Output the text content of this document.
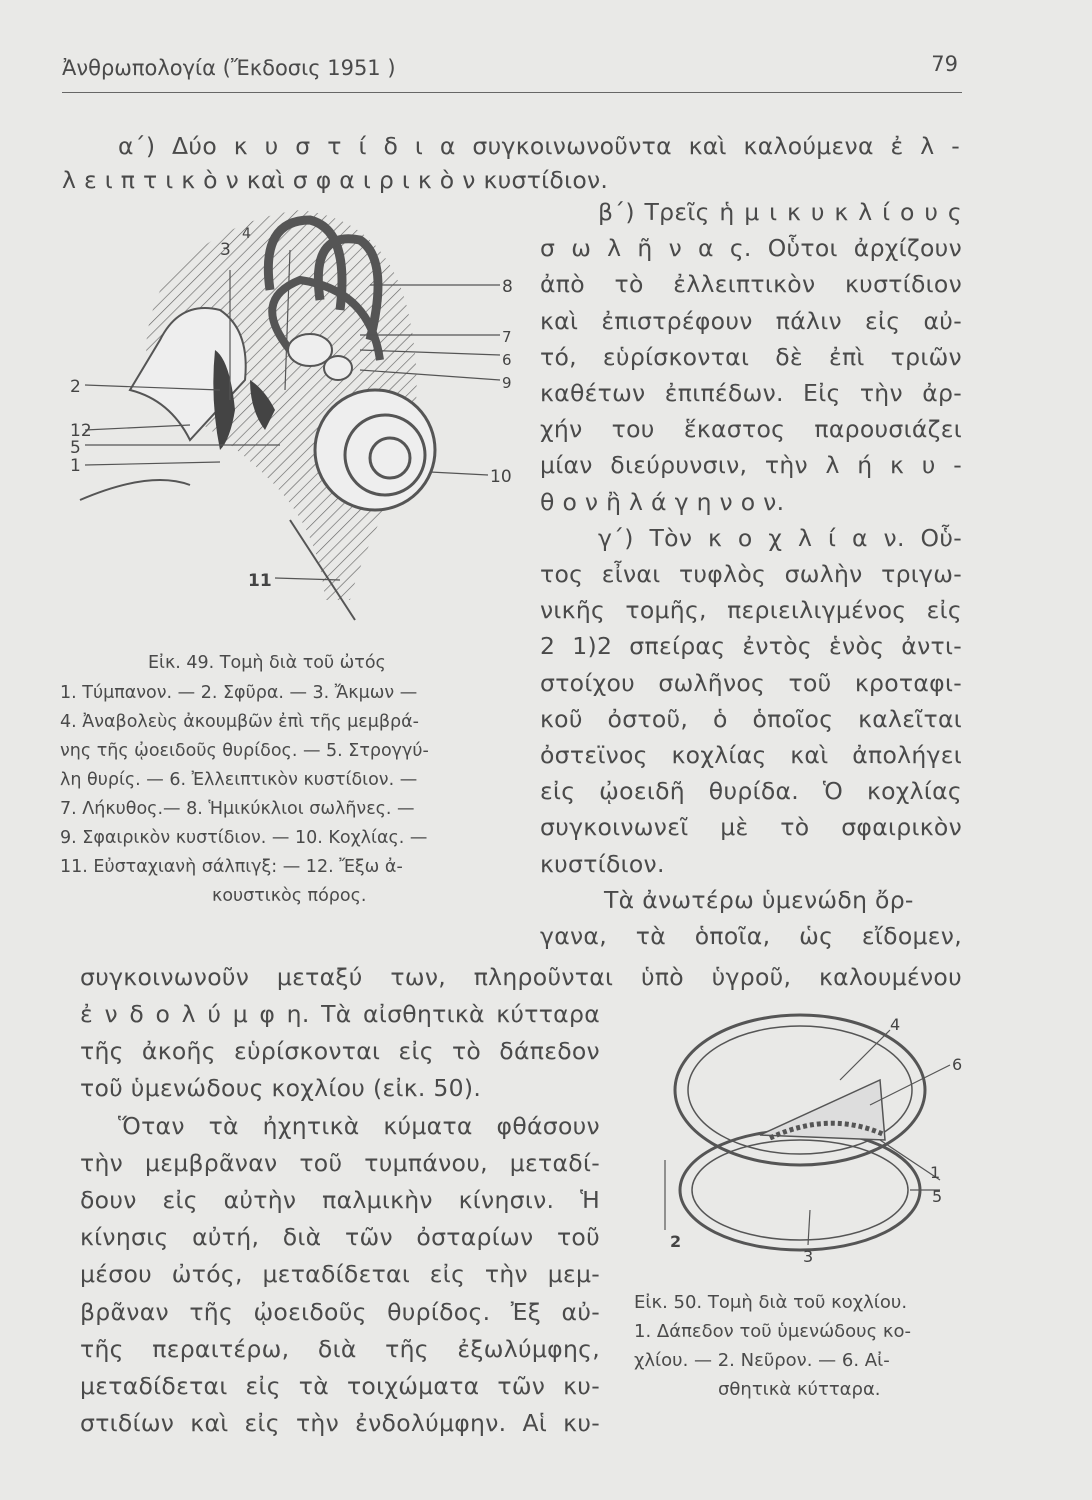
Ἀνθρωπολογία (Ἔκδοσις 1951 )	79
α΄) Δύο κ υ σ τ ί δ ι α συγκοινωνοῦντα καὶ καλούμενα ἐ λ -
λ ε ι π τ ι κ ὸ ν καὶ σ φ α ι ρ ι κ ὸ ν κυστίδιον.
3
4
8
7
6
9
2
12
5
1
10
11
Εἰκ. 49. Τομὴ διὰ τοῦ ὠτός
1. Τύμπανον. — 2. Σφῦρα. — 3. Ἄκμων —
4. Ἀναβολεὺς ἀκουμβῶν ἐπὶ τῆς μεμβρά-
νης τῆς ᾠοειδοῦς θυρίδος. — 5. Στρογγύ-
λη θυρίς. — 6. Ἐλλειπτικὸν κυστίδιον. —
7. Λήκυθος.— 8. Ἡμικύκλιοι σωλῆνες. —
9. Σφαιρικὸν κυστίδιον. — 10. Κοχλίας. —
11. Εὐσταχιανὴ σάλπιγξ: — 12. Ἔξω ἀ-
κουστικὸς πόρος.
β΄) Τρεῖς ἡ μ ι κ υ κ λ ί ο υ ς
σ ω λ ῆ ν α ς. Οὗτοι ἀρχίζουν
ἀπὸ τὸ ἐλλειπτικὸν κυστίδιον
καὶ ἐπιστρέφουν πάλιν εἰς αὐ-
τό, εὑρίσκονται δὲ ἐπὶ τριῶν
καθέτων ἐπιπέδων. Εἰς τὴν ἀρ-
χήν του ἕκαστος παρουσιάζει
μίαν διεύρυνσιν, τὴν λ ή κ υ -
θ ο ν ἢ λ ά γ η ν ο ν.
γ΄) Τὸν κ ο χ λ ί α ν. Οὗ-
τος εἶναι τυφλὸς σωλὴν τριγω-
νικῆς τομῆς, περιειλιγμένος εἰς
2 1)2 σπείρας ἐντὸς ἑνὸς ἀντι-
στοίχου σωλῆνος τοῦ κροταφι-
κοῦ ὀστοῦ, ὁ ὁποῖος καλεῖται
ὀστεϊνος κοχλίας καὶ ἀπολήγει
εἰς ᾠοειδῆ θυρίδα. Ὁ κοχλίας
συγκοινωνεῖ μὲ τὸ σφαιρικὸν
κυστίδιον.
Τὰ ἀνωτέρω ὑμενώδη ὄρ-
γανα, τὰ ὁποῖα, ὡς εἴδομεν,
συγκοινωνοῦν μεταξύ των, πληροῦνται ὑπὸ ὑγροῦ, καλουμένου
ἐ ν δ ο λ ύ μ φ η. Τὰ αἰσθητικὰ κύτταρα
τῆς ἀκοῆς εὑρίσκονται εἰς τὸ δάπεδον
τοῦ ὑμενώδους κοχλίου (εἰκ. 50).
Ὅταν τὰ ἠχητικὰ κύματα φθάσουν
τὴν μεμβρᾶναν τοῦ τυμπάνου, μεταδί-
δουν εἰς αὐτὴν παλμικὴν κίνησιν. Ἡ
κίνησις αὐτή, διὰ τῶν ὀσταρίων τοῦ
μέσου ὠτός, μεταδίδεται εἰς τὴν μεμ-
βρᾶναν τῆς ᾠοειδοῦς θυρίδος. Ἐξ αὐ-
τῆς περαιτέρω, διὰ τῆς ἐξωλύμφης,
μεταδίδεται εἰς τὰ τοιχώματα τῶν κυ-
στιδίων καὶ εἰς τὴν ἐνδολύμφην. Αἱ κυ-
4
6
1
5
2
3
Εἰκ. 50. Τομὴ διὰ τοῦ κοχλίου.
1. Δάπεδον τοῦ ὑμενώδους κο-
χλίου. — 2. Νεῦρον. — 6. Αἰ-
σθητικὰ κύτταρα.
